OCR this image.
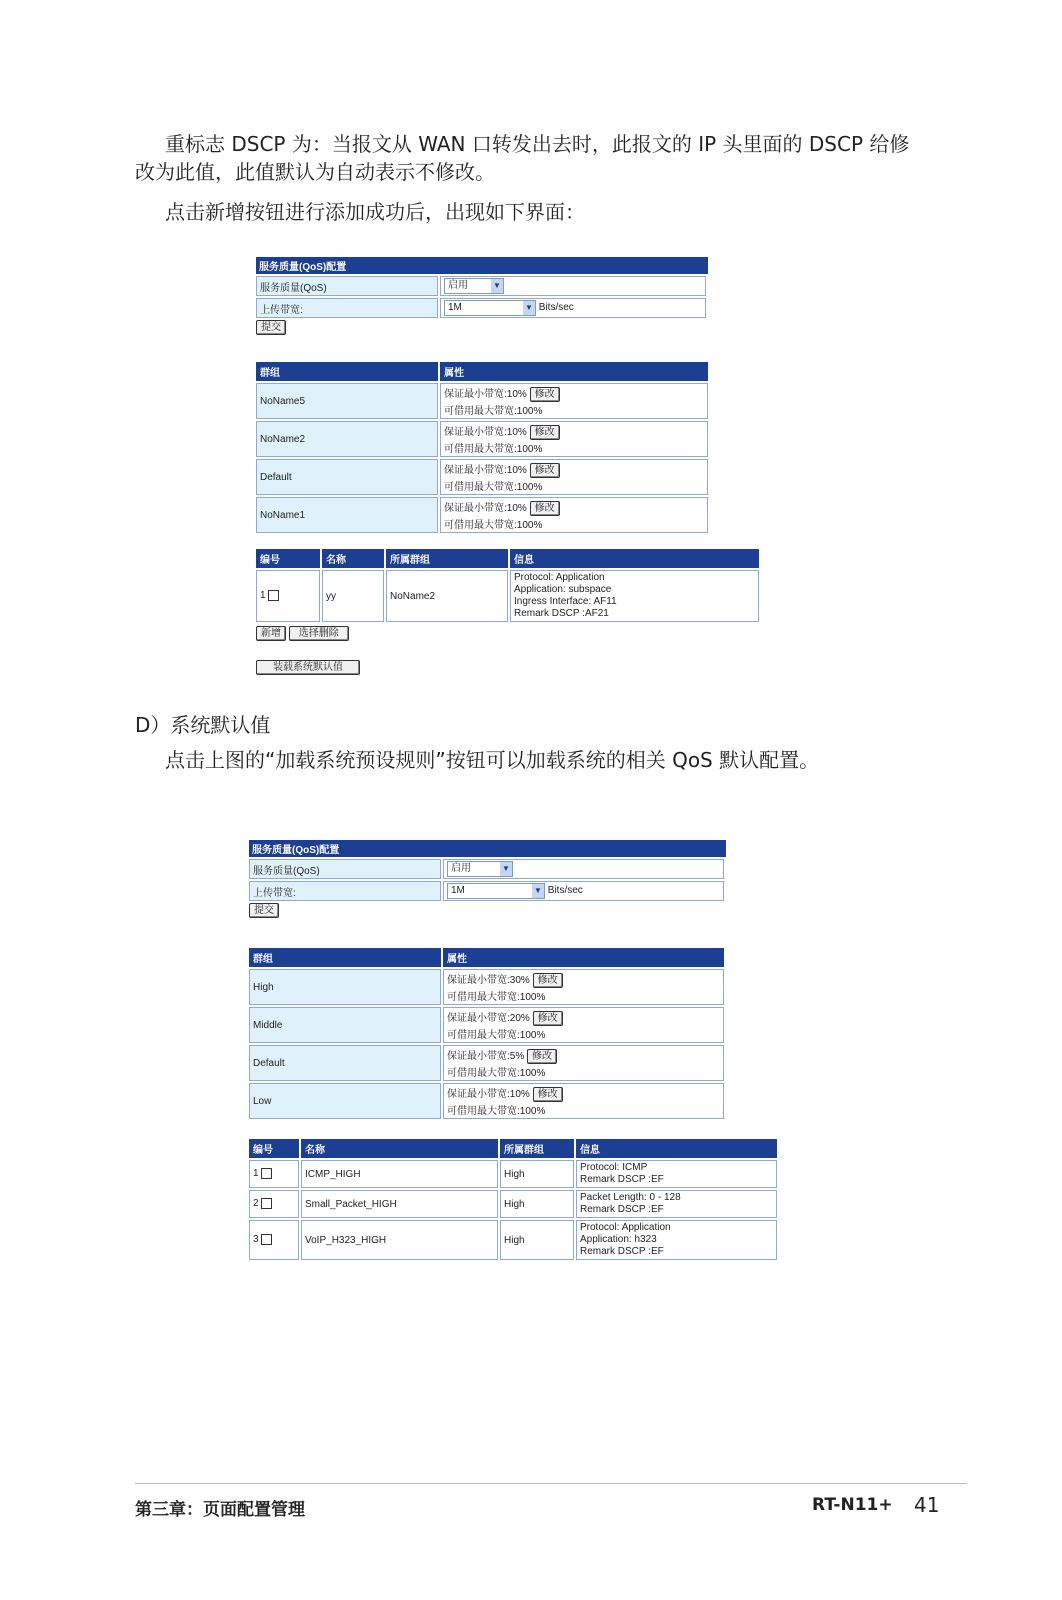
重标志 DSCP 为：当报文从 WAN 口转发出去时，此报文的 IP 头里面的 DSCP 给修改为此值，此值默认为自动表示不修改。

点击新增按钮进行添加成功后，出现如下界面：

服务质量(QoS)配置
服务质量(QoS)	启用 ▼

上传带宽:	1M ▼ Bits/sec
提交
群组	属性
NoName5	保证最小带宽:10% 修改
可借用最大带宽:100%
NoName2	保证最小带宽:10% 修改
可借用最大带宽:100%
Default	保证最小带宽:10% 修改
可借用最大带宽:100%
NoName1	保证最小带宽:10% 修改
可借用最大带宽:100%
编号	名称	所属群组	信息
1	yy	NoName2	Protocol: Application
Application: subspace
Ingress Interface: AF11
Remark DSCP :AF21
新增 选择删除
装载系统默认值

D）系统默认值

点击上图的“加载系统预设规则”按钮可以加载系统的相关 QoS 默认配置。

服务质量(QoS)配置
服务质量(QoS)	启用 ▼

上传带宽:	1M ▼ Bits/sec
提交
群组	属性
High	保证最小带宽:30% 修改
可借用最大带宽:100%
Middle	保证最小带宽:20% 修改
可借用最大带宽:100%
Default	保证最小带宽:5% 修改
可借用最大带宽:100%
Low	保证最小带宽:10% 修改
可借用最大带宽:100%
编号	名称	所属群组	信息
1	ICMP_HIGH	High	Protocol: ICMP
Remark DSCP :EF

2	Small_Packet_HIGH	High	Packet Length: 0 - 128
Remark DSCP :EF

3	VoIP_H323_HIGH	High	Protocol: Application
Application: h323
Remark DSCP :EF
第三章：页面配置管理	RT-N11+ 41
